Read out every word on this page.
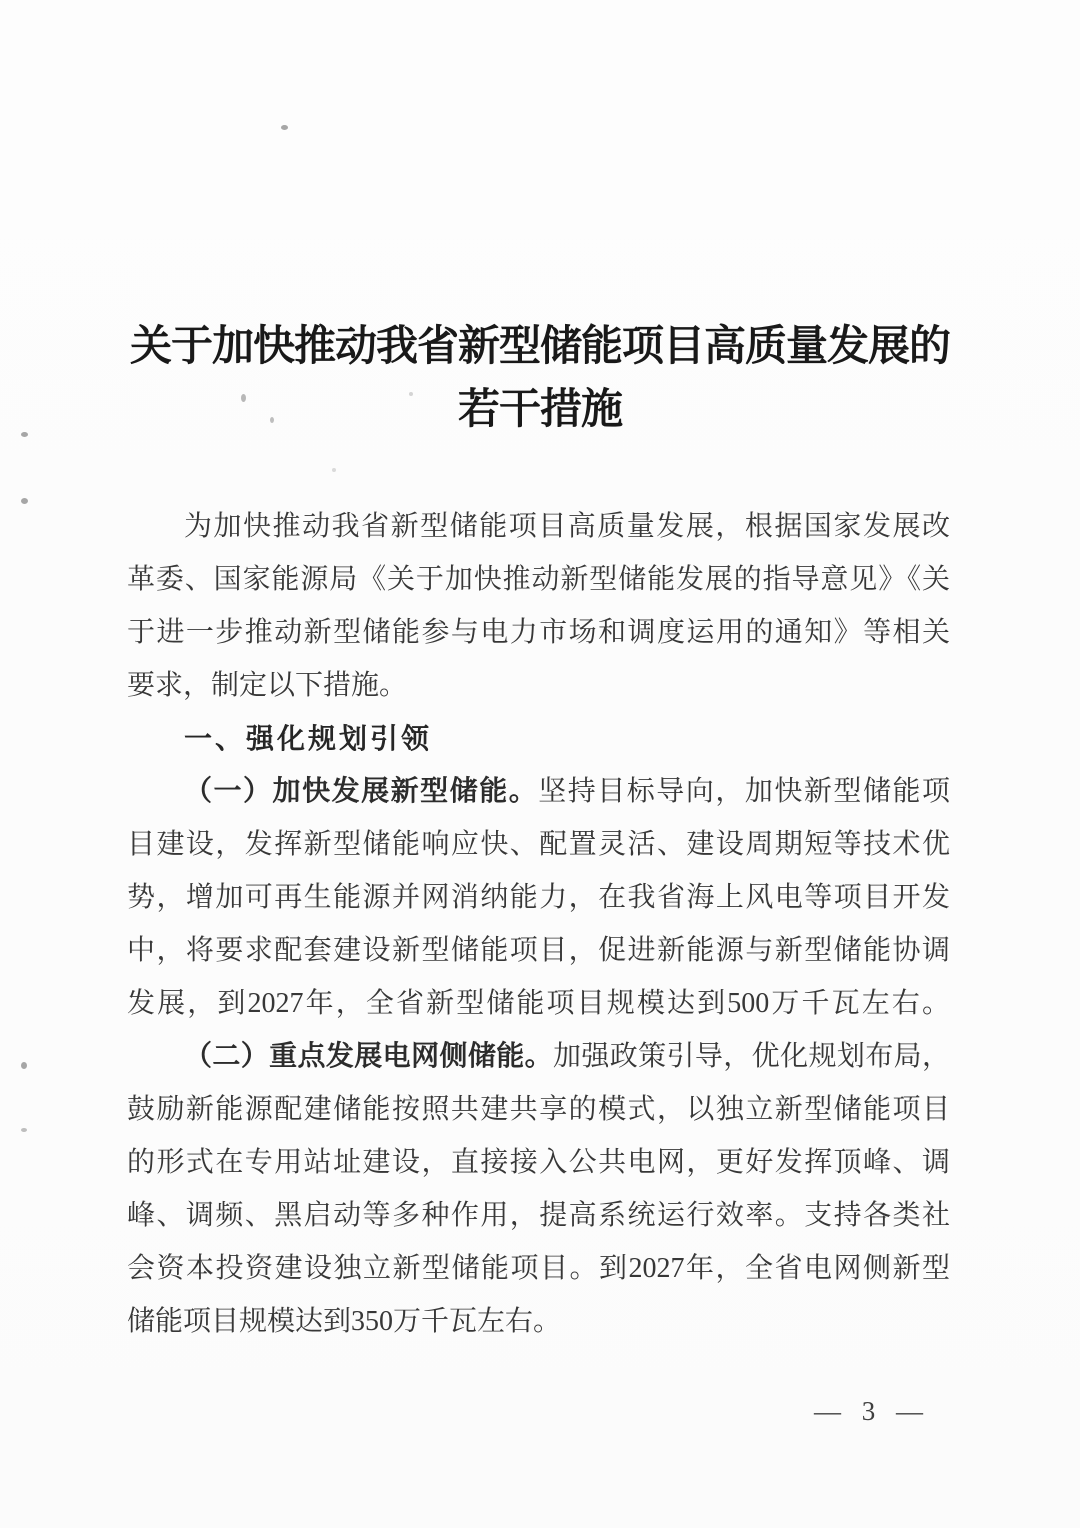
关于加快推动我省新型储能项目高质量发展的
若干措施
为加快推动我省新型储能项目高质量发展，根据国家发展改
革委、国家能源局《关于加快推动新型储能发展的指导意见》《关
于进一步推动新型储能参与电力市场和调度运用的通知》等相关
要求，制定以下措施。
一、强化规划引领
（一）加快发展新型储能。坚持目标导向，加快新型储能项
目建设，发挥新型储能响应快、配置灵活、建设周期短等技术优
势，增加可再生能源并网消纳能力，在我省海上风电等项目开发
中，将要求配套建设新型储能项目，促进新能源与新型储能协调
发展，到2027年，全省新型储能项目规模达到500万千瓦左右。
（二）重点发展电网侧储能。加强政策引导，优化规划布局，
鼓励新能源配建储能按照共建共享的模式，以独立新型储能项目
的形式在专用站址建设，直接接入公共电网，更好发挥顶峰、调
峰、调频、黑启动等多种作用，提高系统运行效率。支持各类社
会资本投资建设独立新型储能项目。到2027年，全省电网侧新型
储能项目规模达到350万千瓦左右。
— 3 —
